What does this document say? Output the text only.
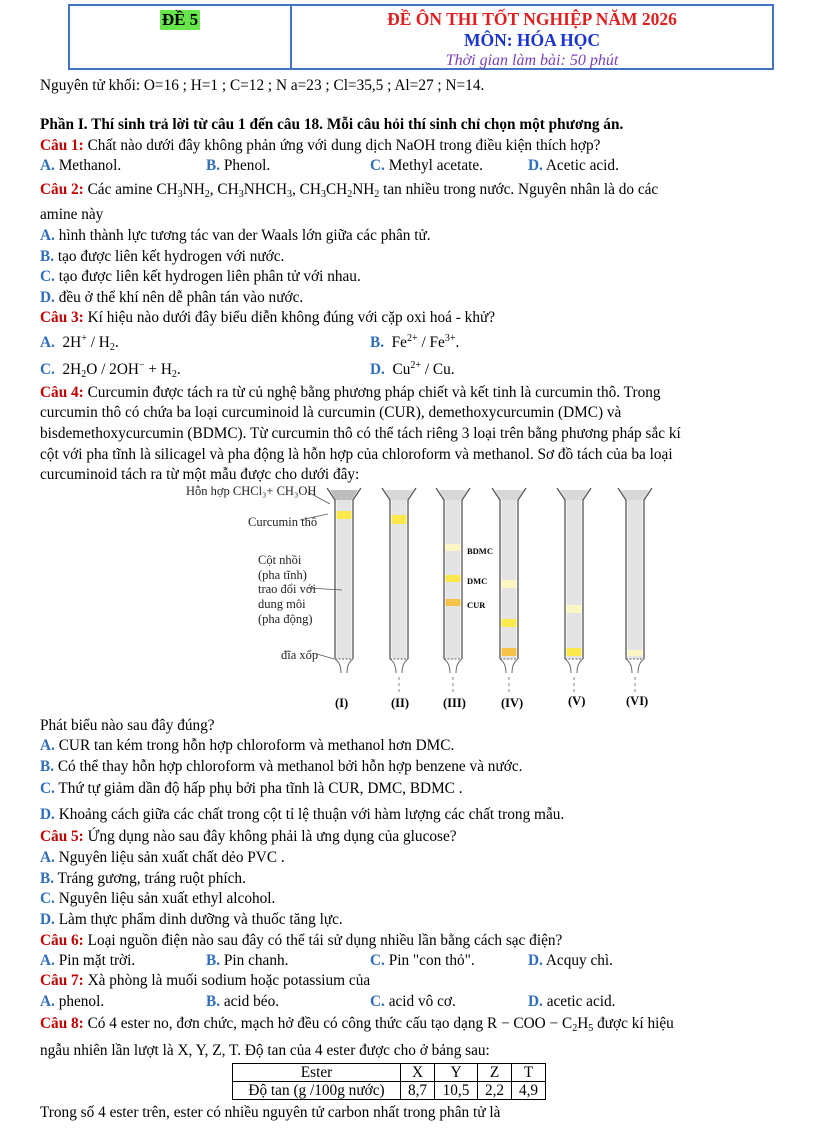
ĐỀ 5	ĐỀ ÔN THI TỐT NGHIỆP NĂM 2026
MÔN: HÓA HỌC
Thời gian làm bài: 50 phút
Nguyên tử khối: O=16 ; H=1 ; C=12 ; N a=23 ; Cl=35,5 ; Al=27 ; N=14.
Phần I. Thí sinh trả lời từ câu 1 đến câu 18. Mỗi câu hỏi thí sinh chỉ chọn một phương án.
Câu 1: Chất nào dưới đây không phản ứng với dung dịch NaOH trong điều kiện thích hợp?
A. Methanol.	B. Phenol.	C. Methyl acetate.	D. Acetic acid.
Câu 2: Các amine $CH_3NH_2$, $CH_3NHCH_3$, $CH_3CH_2NH_2$ tan nhiều trong nước. Nguyên nhân là do các
amine này
A. hình thành lực tương tác van der Waals lớn giữa các phân tử.
B. tạo được liên kết hydrogen với nước.
C. tạo được liên kết hydrogen liên phân tử với nhau.
D. đều ở thể khí nên dễ phân tán vào nước.
Câu 3: Kí hiệu nào dưới đây biểu diễn không đúng với cặp oxi hoá - khử?
A.  $2H^+ / H_2$.	B.  $Fe^{2+} / Fe^{3+}$.
C.  $2H_2O / 2OH^- + H_2$.	D.  $Cu^{2+}$ / Cu.
Câu 4: Curcumin được tách ra từ củ nghệ bằng phương pháp chiết và kết tinh là curcumin thô. Trong
curcumin thô có chứa ba loại curcuminoid là curcumin (CUR), demethoxycurcumin (DMC) và
bisdemethoxycurcumin (BDMC). Từ curcumin thô có thể tách riêng 3 loại trên bằng phương pháp sắc kí
cột với pha tĩnh là silicagel và pha động là hỗn hợp của chloroform và methanol. Sơ đồ tách của ba loại
curcuminoid tách ra từ một mẫu được cho dưới đây:
Hỗn hợp CHCl₃+ CH₃OH
Curcumin thô
Cột nhồi
(pha tĩnh)
trao đổi với
dung môi
(pha động)
đĩa xốp
BDMC
DMC
CUR
(I)	(II)	(III)	(IV)	(V)	(VI)
Phát biểu nào sau đây đúng?
A. CUR tan kém trong hỗn hợp chloroform và methanol hơn DMC.
B. Có thể thay hỗn hợp chloroform và methanol bởi hỗn hợp benzene và nước.
C. Thứ tự giảm dần độ hấp phụ bởi pha tĩnh là CUR, DMC, BDMC .
D. Khoảng cách giữa các chất trong cột tỉ lệ thuận với hàm lượng các chất trong mẫu.
Câu 5: Ứng dụng nào sau đây không phải là ưng dụng của glucose?
A. Nguyên liệu sản xuất chất dẻo PVC .
B. Tráng gương, tráng ruột phích.
C. Nguyên liệu sản xuất ethyl alcohol.
D. Làm thực phẩm dinh dưỡng và thuốc tăng lực.
Câu 6: Loại nguồn điện nào sau đây có thể tái sử dụng nhiều lần bằng cách sạc điện?
A. Pin mặt trời.	B. Pin chanh.	C. Pin "con thỏ".	D. Acquy chì.
Câu 7: Xà phòng là muối sodium hoặc potassium của
A. phenol.	B. acid béo.	C. acid vô cơ.	D. acetic acid.
Câu 8: Có 4 ester no, đơn chức, mạch hở đều có công thức cấu tạo dạng R − COO − $C_2H_5$ được kí hiệu
ngẫu nhiên lần lượt là X, Y, Z, T. Độ tan của 4 ester được cho ở bảng sau:
Ester	X	Y	Z	T
Độ tan (g /100g nước)	8,7	10,5	2,2	4,9
Trong số 4 ester trên, ester có nhiều nguyên tử carbon nhất trong phân tử là
